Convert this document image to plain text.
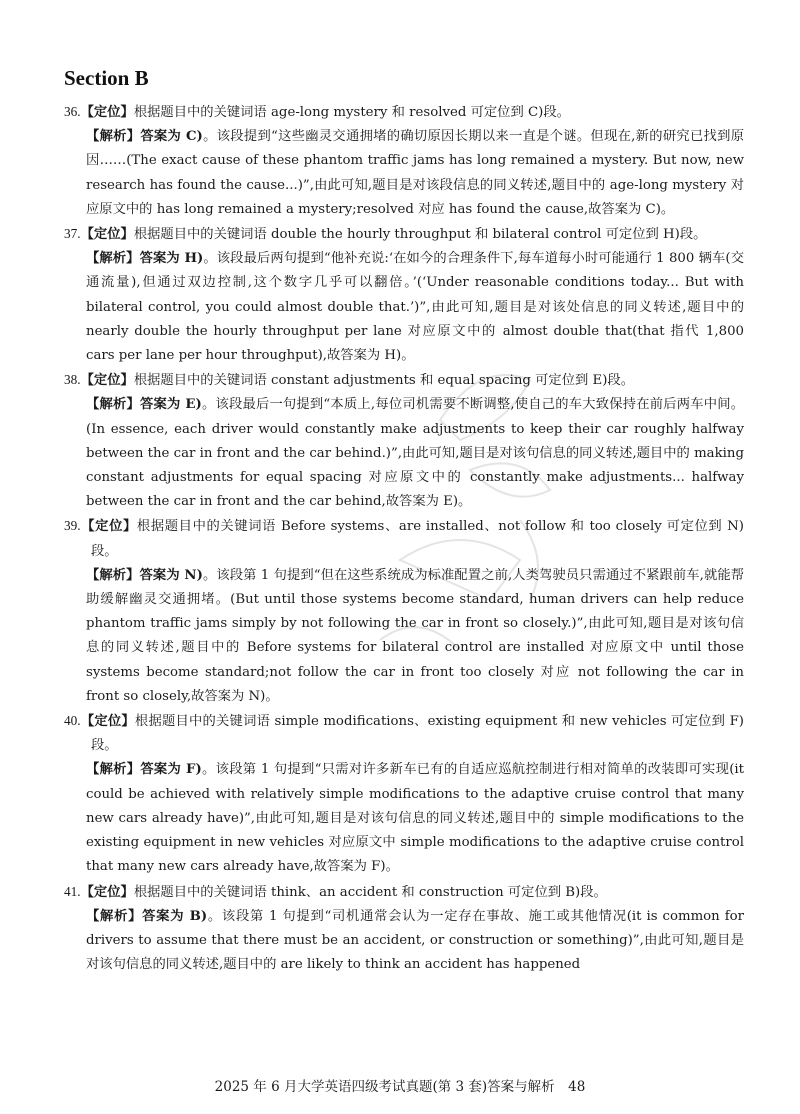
Section B

36.【定位】根据题目中的关键词语 age-long mystery 和 resolved 可定位到 C)段。

【解析】答案为 C)。该段提到“这些幽灵交通拥堵的确切原因长期以来一直是个谜。但现在,新的研究已找到原因……(The exact cause of these phantom traffic jams has long remained a mystery. But now, new research has found the cause...)”,由此可知,题目是对该段信息的同义转述,题目中的 age-long mystery 对应原文中的 has long remained a mystery;resolved 对应 has found the cause,故答案为 C)。

37.【定位】根据题目中的关键词语 double the hourly throughput 和 bilateral control 可定位到 H)段。

【解析】答案为 H)。该段最后两句提到“他补充说:‘在如今的合理条件下,每车道每小时可能通行 1 800 辆车(交通流量),但通过双边控制,这个数字几乎可以翻倍。’(‘Under reasonable conditions today... But with bilateral control, you could almost double that.’)”,由此可知,题目是对该处信息的同义转述,题目中的 nearly double the hourly throughput per lane 对应原文中的 almost double that(that 指代 1,800 cars per lane per hour throughput),故答案为 H)。

38.【定位】根据题目中的关键词语 constant adjustments 和 equal spacing 可定位到 E)段。

【解析】答案为 E)。该段最后一句提到“本质上,每位司机需要不断调整,使自己的车大致保持在前后两车中间。(In essence, each driver would constantly make adjustments to keep their car roughly halfway between the car in front and the car behind.)”,由此可知,题目是对该句信息的同义转述,题目中的 making constant adjustments for equal spacing 对应原文中的 constantly make adjustments... halfway between the car in front and the car behind,故答案为 E)。

39.【定位】根据题目中的关键词语 Before systems、are installed、not follow 和 too closely 可定位到 N)段。

【解析】答案为 N)。该段第 1 句提到“但在这些系统成为标准配置之前,人类驾驶员只需通过不紧跟前车,就能帮助缓解幽灵交通拥堵。(But until those systems become standard, human drivers can help reduce phantom traffic jams simply by not following the car in front so closely.)”,由此可知,题目是对该句信息的同义转述,题目中的 Before systems for bilateral control are installed 对应原文中 until those systems become standard;not follow the car in front too closely 对应 not following the car in front so closely,故答案为 N)。

40.【定位】根据题目中的关键词语 simple modifications、existing equipment 和 new vehicles 可定位到 F)段。

【解析】答案为 F)。该段第 1 句提到“只需对许多新车已有的自适应巡航控制进行相对简单的改装即可实现(it could be achieved with relatively simple modifications to the adaptive cruise control that many new cars already have)”,由此可知,题目是对该句信息的同义转述,题目中的 simple modifications to the existing equipment in new vehicles 对应原文中 simple modifications to the adaptive cruise control that many new cars already have,故答案为 F)。

41.【定位】根据题目中的关键词语 think、an accident 和 construction 可定位到 B)段。

【解析】答案为 B)。该段第 1 句提到“司机通常会认为一定存在事故、施工或其他情况(it is common for drivers to assume that there must be an accident, or construction or something)”,由此可知,题目是对该句信息的同义转述,题目中的 are likely to think an accident has happened

2025 年 6 月大学英语四级考试真题(第 3 套)答案与解析　48
